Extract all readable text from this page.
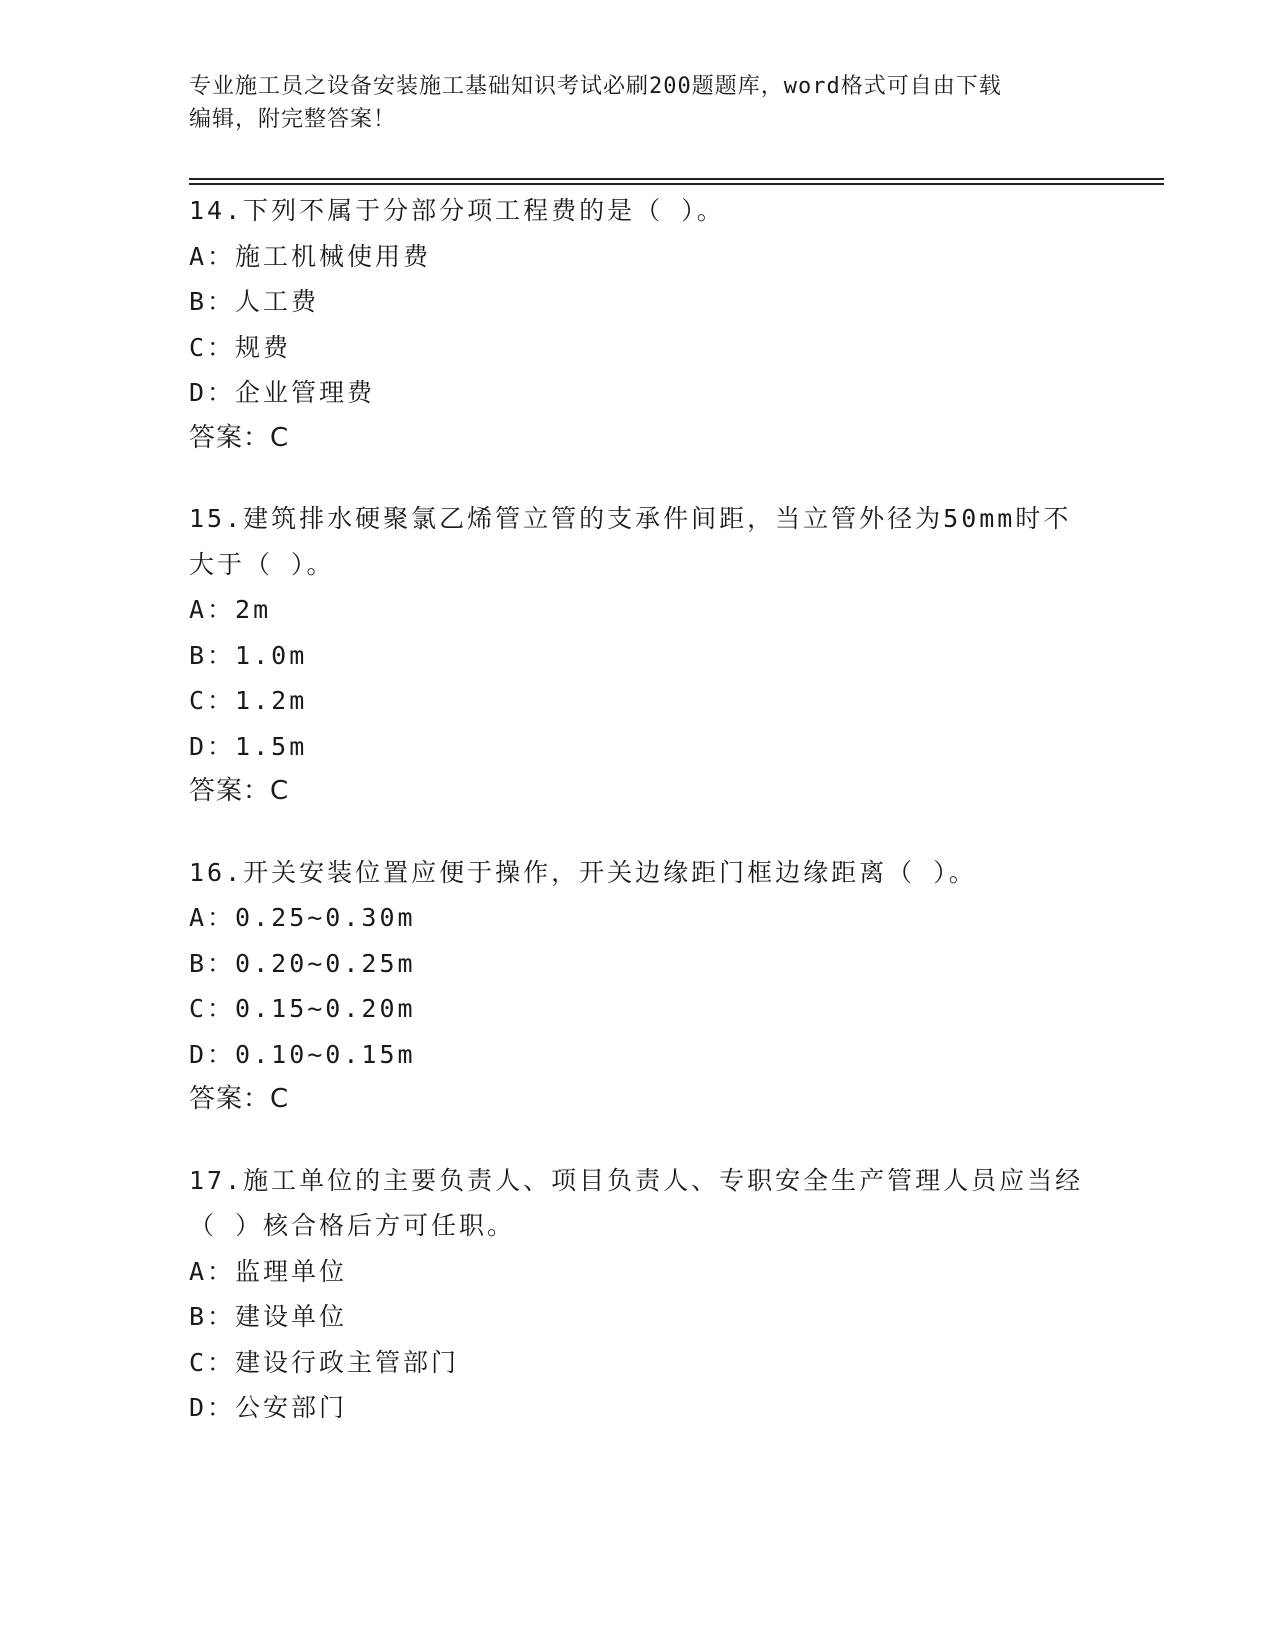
专业施工员之设备安装施工基础知识考试必刷200题题库，word格式可自由下载
编辑，附完整答案！

14.下列不属于分部分项工程费的是（ ）。

A：施工机械使用费

B：人工费

C：规费

D：企业管理费

答案：C

15.建筑排水硬聚氯乙烯管立管的支承件间距，当立管外径为50mm时不大于（ ）。

A：2m

B：1.0m

C：1.2m

D：1.5m

答案：C

16.开关安装位置应便于操作，开关边缘距门框边缘距离（ ）。

A：0.25~0.30m

B：0.20~0.25m

C：0.15~0.20m

D：0.10~0.15m

答案：C

17.施工单位的主要负责人、项目负责人、专职安全生产管理人员应当经（ ）核合格后方可任职。

A：监理单位

B：建设单位

C：建设行政主管部门

D：公安部门
